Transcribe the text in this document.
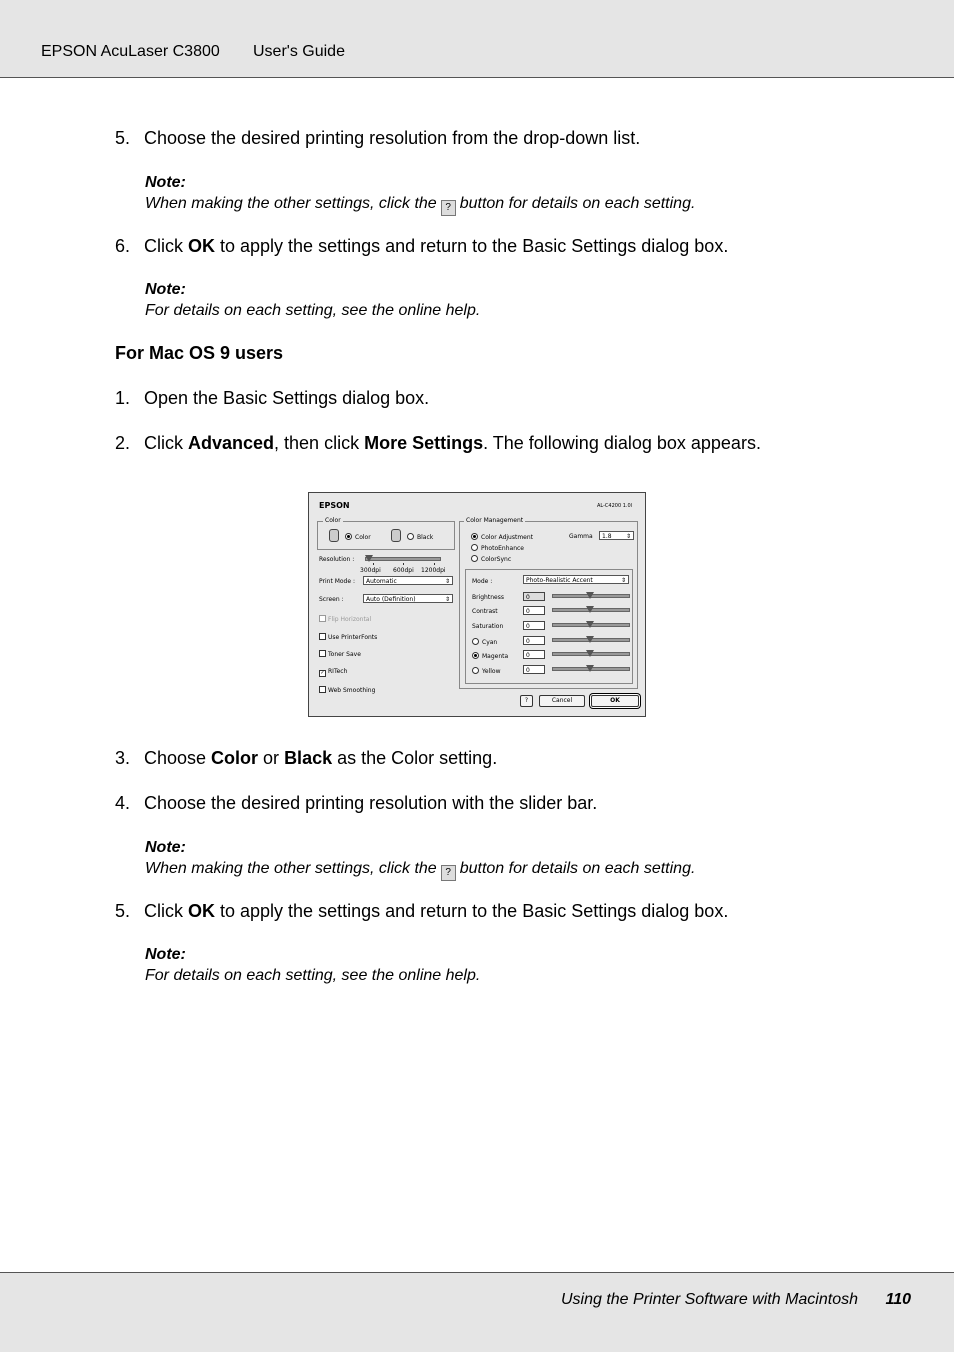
EPSON AcuLaser C3800 User's Guide
5. Choose the desired printing resolution from the drop-down list.
Note:
When making the other settings, click the ? button for details on each setting.
6. Click OK to apply the settings and return to the Basic Settings dialog box.
Note:
For details on each setting, see the online help.
For Mac OS 9 users
1. Open the Basic Settings dialog box.
2. Click Advanced, then click More Settings. The following dialog box appears.
EPSON	AL-C4200 1.0l
Color
Color	Black
Resolution :
300dpi 600dpi 1200dpi
Print Mode :	Automatic	⇕
Screen :	Auto (Definition)	⇕
Flip Horizontal
Use PrinterFonts
Toner Save
✓ RITech
Web Smoothing
Color Management
Color Adjustment
PhotoEnhance
ColorSync
Gamma	1.8 ⇕
Mode :	Photo-Realistic Accent	⇕
Brightness	0
Contrast	0
Saturation	0
Cyan	0
Magenta	0
Yellow	0
?	Cancel	OK
3. Choose Color or Black as the Color setting.
4. Choose the desired printing resolution with the slider bar.
Note:
When making the other settings, click the ? button for details on each setting.
5. Click OK to apply the settings and return to the Basic Settings dialog box.
Note:
For details on each setting, see the online help.
Using the Printer Software with Macintosh 110
